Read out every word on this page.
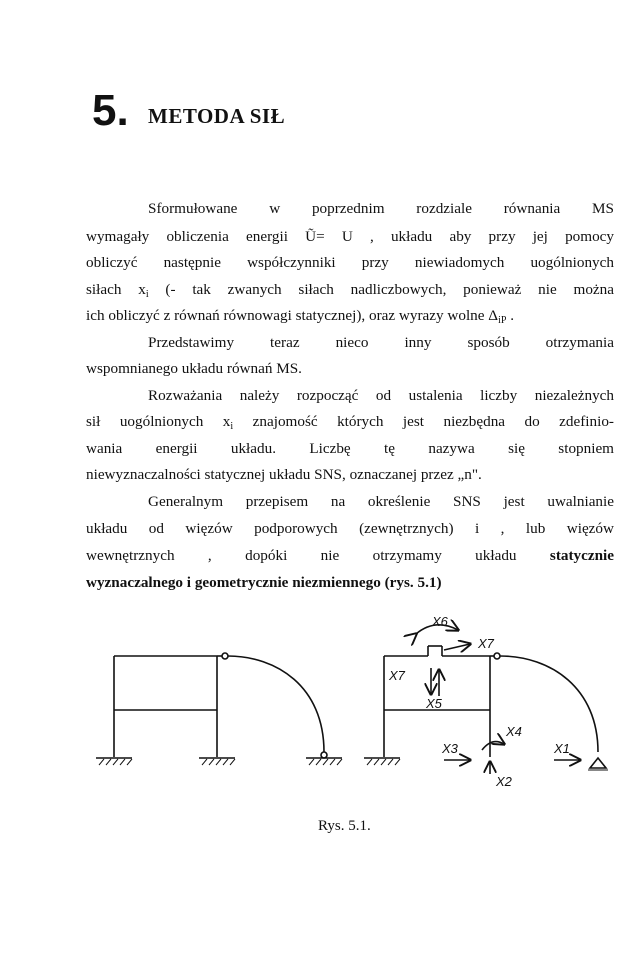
5. METODA SIŁ
Sformułowane w poprzednim rozdziale równania MS
wymagały obliczenia energii Ũ= U , układu aby przy jej pomocy
obliczyć następnie współczynniki przy niewiadomych uogólnionych
siłach $x_i$ (- tak zwanych siłach nadliczbowych, ponieważ nie można
ich obliczyć z równań równowagi statycznej), oraz wyrazy wolne $\Delta_{iP}$ .
Przedstawimy teraz nieco inny sposób otrzymania
wspomnianego układu równań MS.
Rozważania należy rozpocząć od ustalenia liczby niezależnych
sił uogólnionych $x_i$ znajomość których jest niezbędna do zdefinio-
wania energii układu. Liczbę tę nazywa się stopniem
niewyznaczalności statycznej układu SNS, oznaczanej przez „n".
Generalnym przepisem na określenie SNS jest uwalnianie
układu od więzów podporowych (zewnętrznych) i , lub więzów
wewnętrznych , dopóki nie otrzymamy układu statycznie
wyznaczalnego i geometrycznie niezmiennego (rys. 5.1)
X6
X7
X7
X5
X4
X3	X1
X2
Rys. 5.1.
